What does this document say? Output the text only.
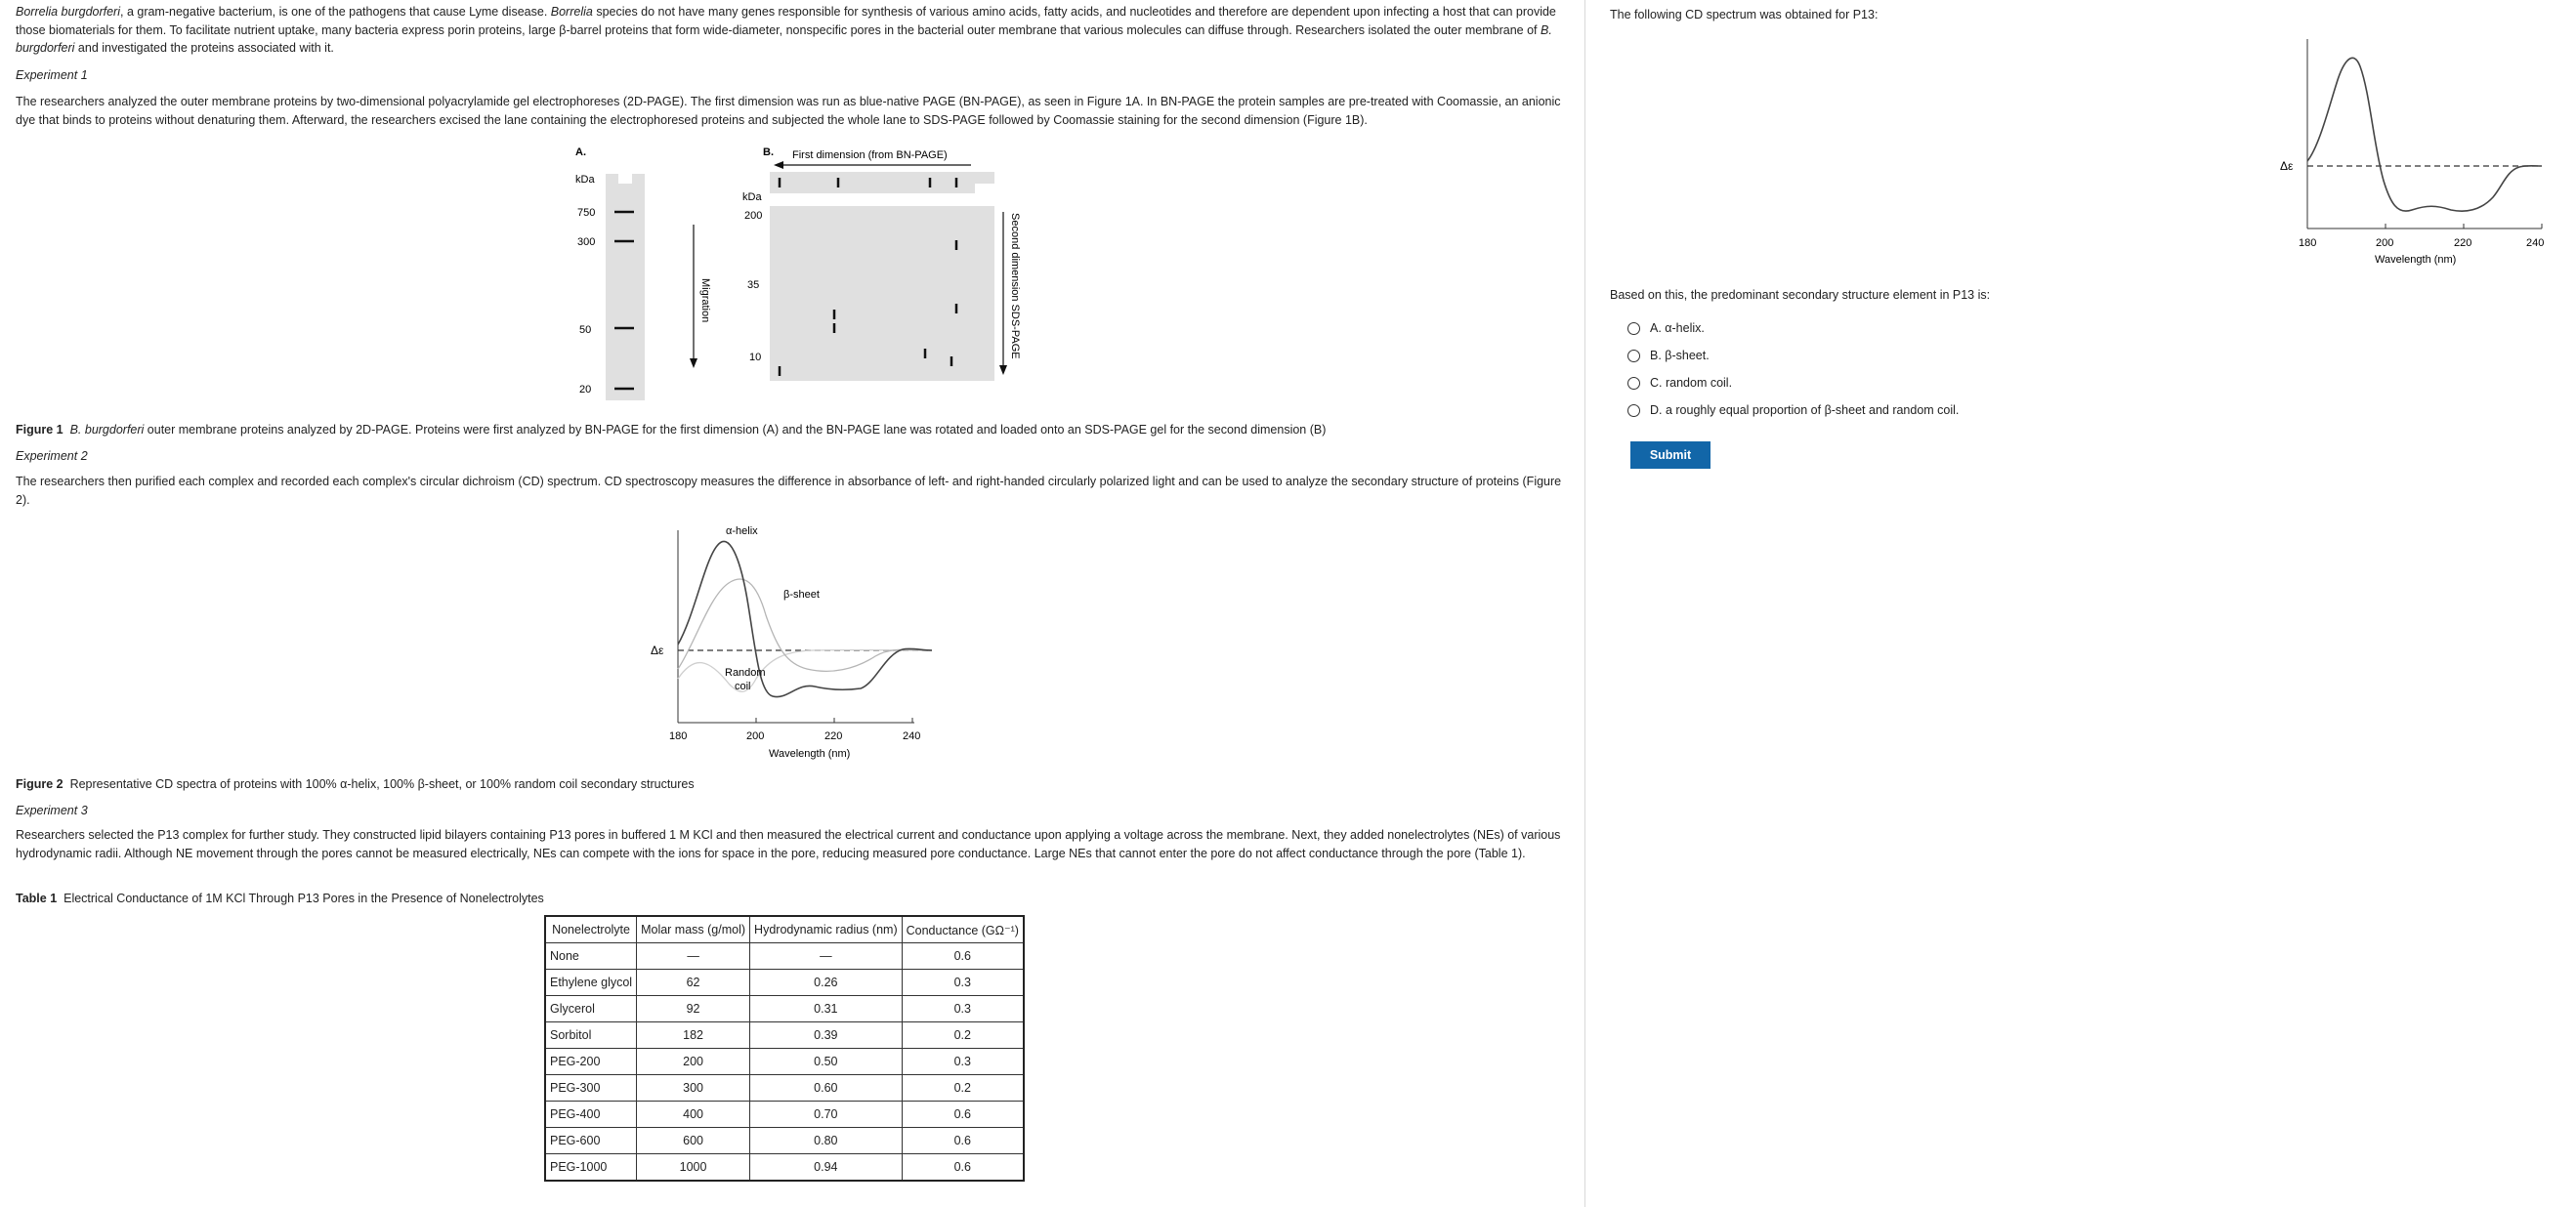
Borrelia burgdorferi, a gram-negative bacterium, is one of the pathogens that cause Lyme disease. Borrelia species do not have many genes responsible for synthesis of various amino acids, fatty acids, and nucleotides and therefore are dependent upon infecting a host that can provide those biomaterials for them. To facilitate nutrient uptake, many bacteria express porin proteins, large β-barrel proteins that form wide-diameter, nonspecific pores in the bacterial outer membrane that various molecules can diffuse through. Researchers isolated the outer membrane of B. burgdorferi and investigated the proteins associated with it.

Experiment 1

The researchers analyzed the outer membrane proteins by two-dimensional polyacrylamide gel electrophoreses (2D-PAGE). The first dimension was run as blue-native PAGE (BN-PAGE), as seen in Figure 1A. In BN-PAGE the protein samples are pre-treated with Coomassie, an anionic dye that binds to proteins without denaturing them. Afterward, the researchers excised the lane containing the electrophoresed proteins and subjected the whole lane to SDS-PAGE followed by Coomassie staining for the second dimension (Figure 1B).

A.
kDa
750
300
50
20
Migration
B. First dimension (from BN-PAGE)
kDa
200
35
10	Second dimension SDS-PAGE

Figure 1 B. burgdorferi outer membrane proteins analyzed by 2D-PAGE. Proteins were first analyzed by BN-PAGE for the first dimension (A) and the BN-PAGE lane was rotated and loaded onto an SDS-PAGE gel for the second dimension (B)

Experiment 2

The researchers then purified each complex and recorded each complex's circular dichroism (CD) spectrum. CD spectroscopy measures the difference in absorbance of left- and right-handed circularly polarized light and can be used to analyze the secondary structure of proteins (Figure 2).

Δε
α-helix
β-sheet
Random
coil
180	200	220	240
Wavelength (nm)

Figure 2 Representative CD spectra of proteins with 100% α-helix, 100% β-sheet, or 100% random coil secondary structures

Experiment 3

Researchers selected the P13 complex for further study. They constructed lipid bilayers containing P13 pores in buffered 1 M KCl and then measured the electrical current and conductance upon applying a voltage across the membrane. Next, they added nonelectrolytes (NEs) of various hydrodynamic radii. Although NE movement through the pores cannot be measured electrically, NEs can compete with the ions for space in the pore, reducing measured pore conductance. Large NEs that cannot enter the pore do not affect conductance through the pore (Table 1).

Table 1 Electrical Conductance of 1M KCl Through P13 Pores in the Presence of Nonelectrolytes

Nonelectrolyte	Molar mass (g/mol)	Hydrodynamic radius (nm)	Conductance (GΩ⁻¹)
None	—	—	0.6
Ethylene glycol	62	0.26	0.3
Glycerol	92	0.31	0.3
Sorbitol	182	0.39	0.2
PEG-200	200	0.50	0.3
PEG-300	300	0.60	0.2
PEG-400	400	0.70	0.6
PEG-600	600	0.80	0.6
PEG-1000	1000	0.94	0.6

The following CD spectrum was obtained for P13:

Δε
180	200	220	240
Wavelength (nm)

Based on this, the predominant secondary structure element in P13 is:

A. α-helix.
B. β-sheet.
C. random coil.
D. a roughly equal proportion of β-sheet and random coil.
Submit
